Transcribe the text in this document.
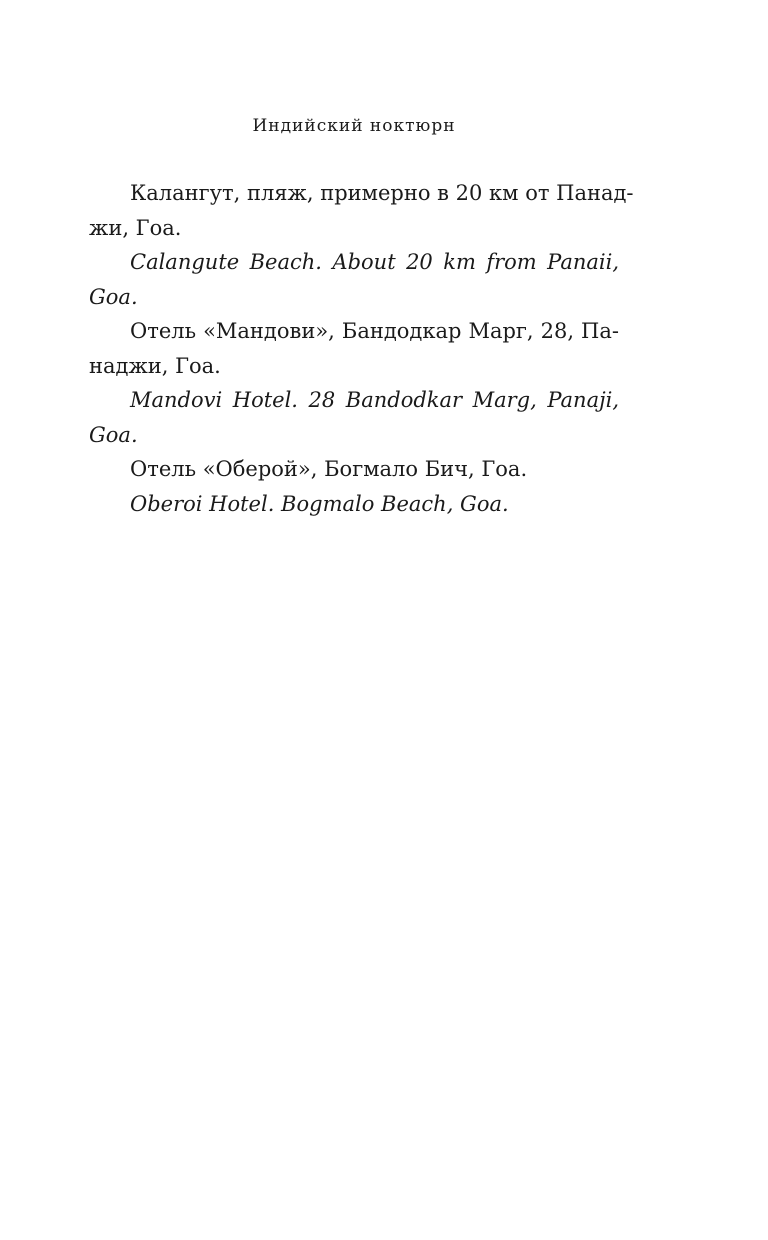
Индийский ноктюрн

Калангут, пляж, примерно в 20 км от Панад-
жи, Гоа.

Calangute Beach. About 20 km from Panaii,
Goa.

Отель «Мандови», Бандодкар Марг, 28, Па-
наджи, Гоа.

Mandovi Hotel. 28 Bandodkar Marg, Panaji,
Goa.

Отель «Оберой», Богмало Бич, Гоа.

Oberoi Hotel. Bogmalo Beach, Goa.
